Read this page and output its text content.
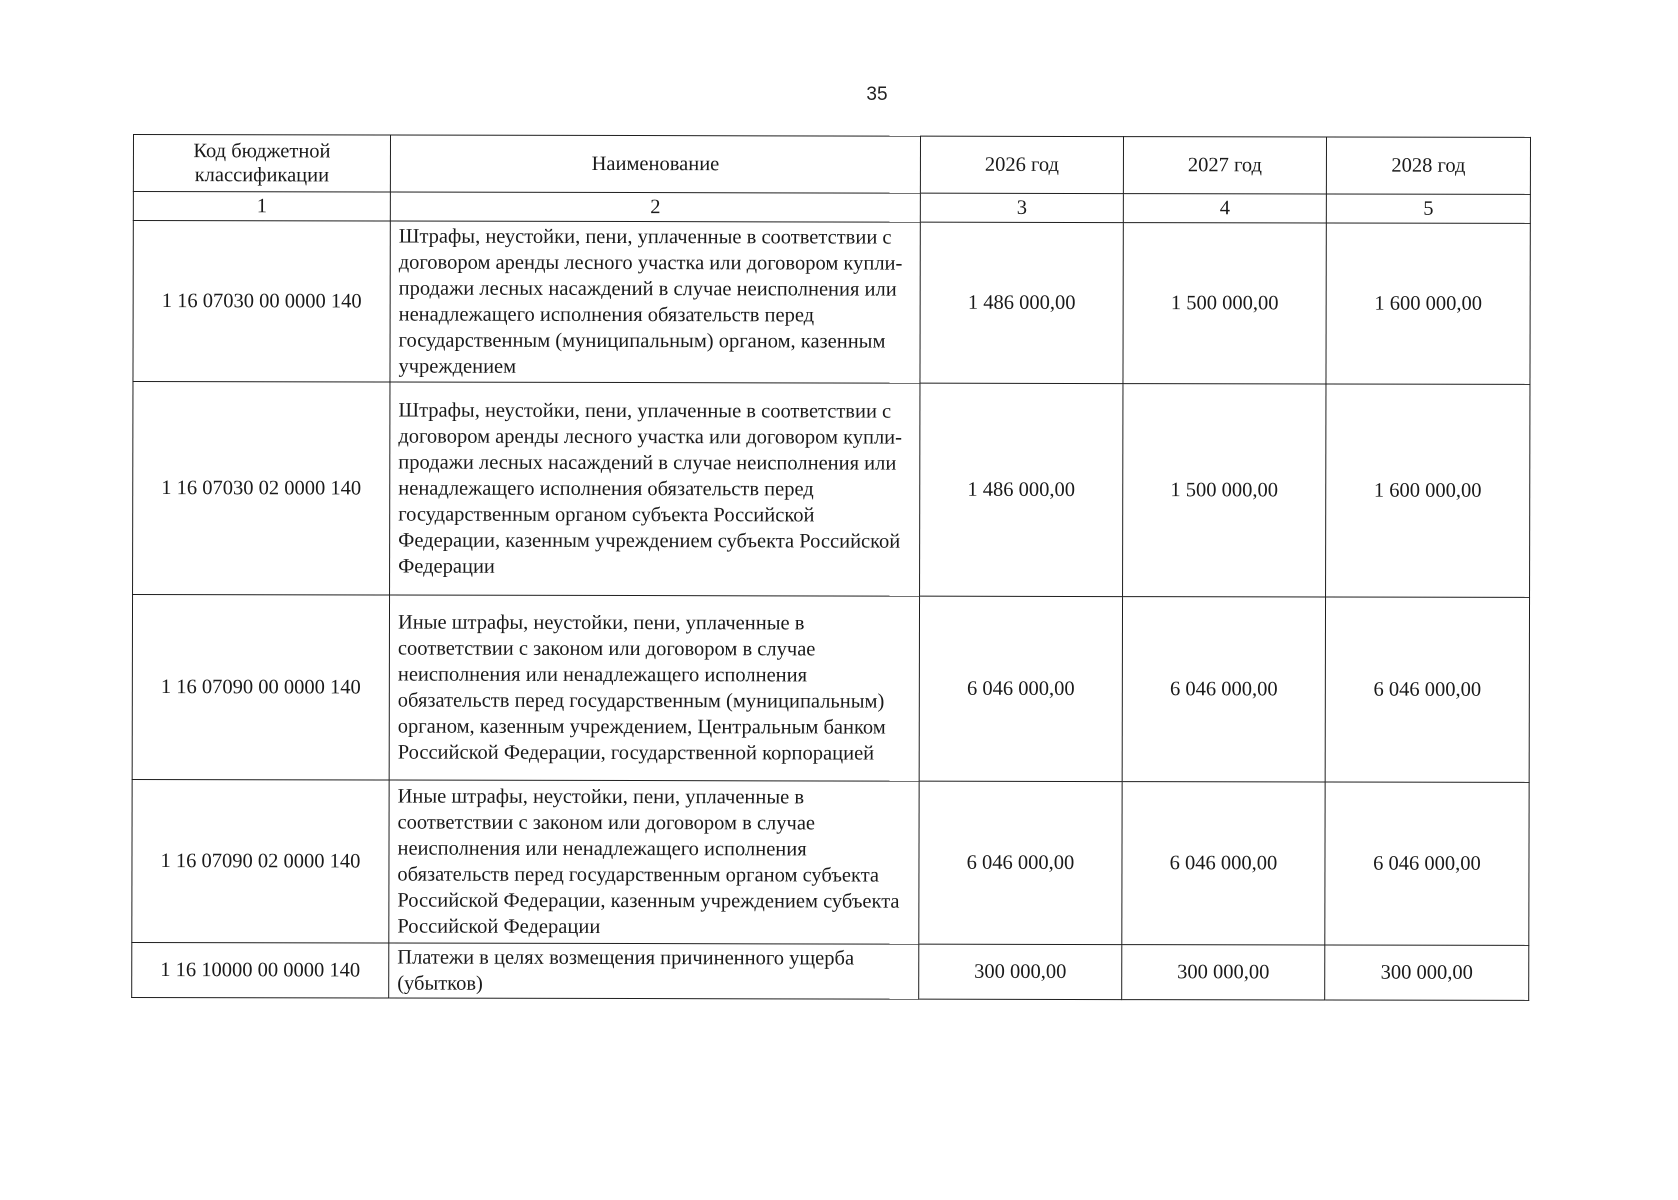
35
Код бюджетной классификации	Наименование	2026 год	2027 год	2028 год
1	2	3	4	5
1 16 07030 00 0000 140	Штрафы, неустойки, пени, уплаченные в соответствии с договором аренды лесного участка или договором купли-продажи лесных насаждений в случае неисполнения или ненадлежащего исполнения обязательств перед государственным (муниципальным) органом, казенным учреждением	1 486 000,00	1 500 000,00	1 600 000,00
1 16 07030 02 0000 140	Штрафы, неустойки, пени, уплаченные в соответствии с договором аренды лесного участка или договором купли-продажи лесных насаждений в случае неисполнения или ненадлежащего исполнения обязательств перед государственным органом субъекта Российской Федерации, казенным учреждением субъекта Российской Федерации	1 486 000,00	1 500 000,00	1 600 000,00
1 16 07090 00 0000 140	Иные штрафы, неустойки, пени, уплаченные в соответствии с законом или договором в случае неисполнения или ненадлежащего исполнения обязательств перед государственным (муниципальным) органом, казенным учреждением, Центральным банком Российской Федерации, государственной корпорацией	6 046 000,00	6 046 000,00	6 046 000,00
1 16 07090 02 0000 140	Иные штрафы, неустойки, пени, уплаченные в соответствии с законом или договором в случае неисполнения или ненадлежащего исполнения обязательств перед государственным органом субъекта Российской Федерации, казенным учреждением субъекта Российской Федерации	6 046 000,00	6 046 000,00	6 046 000,00
1 16 10000 00 0000 140	Платежи в целях возмещения причиненного ущерба (убытков)	300 000,00	300 000,00	300 000,00
